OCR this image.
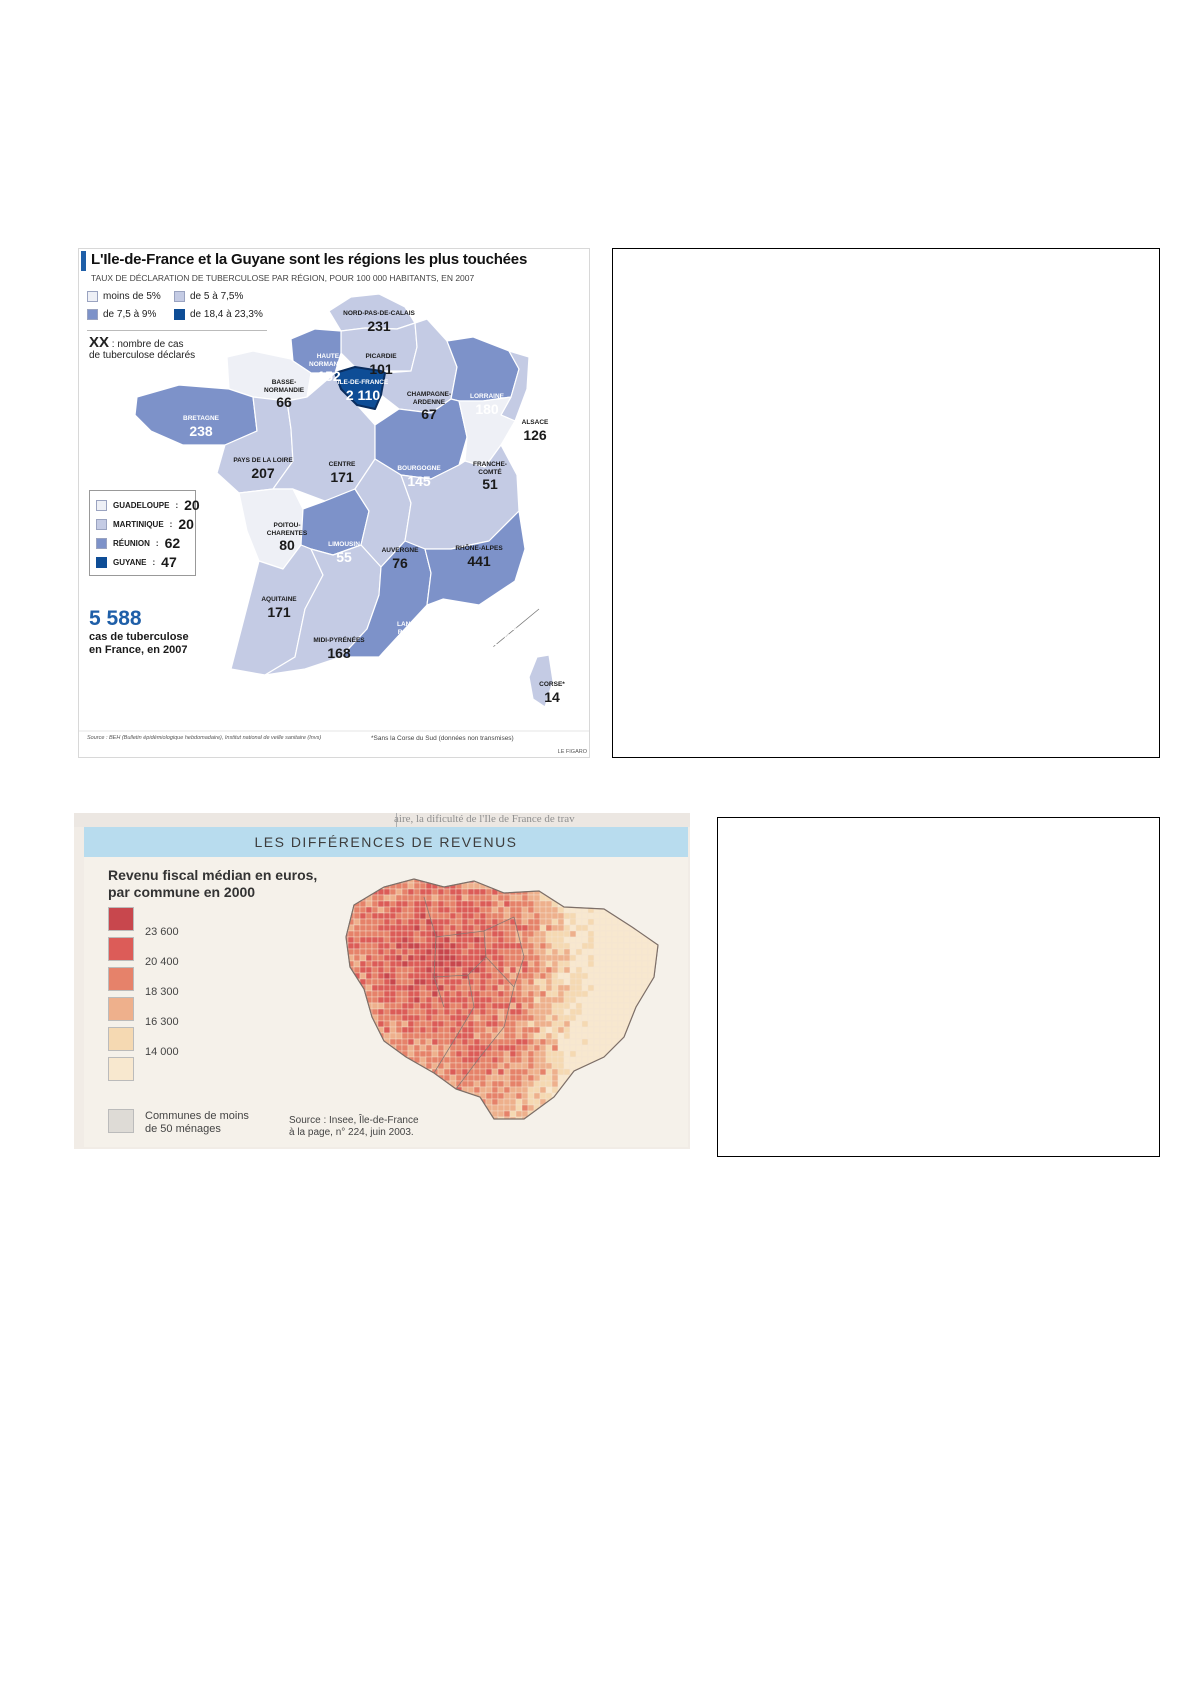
L'Ile-de-France et la Guyane sont les régions les plus touchées
TAUX DE DÉCLARATION DE TUBERCULOSE PAR RÉGION, POUR 100 000 HABITANTS, EN 2007
moins de 5%	de 5 à 7,5%
de 7,5 à 9%	de 18,4 à 23,3%
XX : nombre de cas
de tuberculose déclarés
NORD-PAS-DE-CALAIS
231
PICARDIE
101
HAUTE-NORMANDIE
152
BASSE-NORMANDIE
66
ILE-DE-FRANCE
2 110	CHAMPAGNE-ARDENNE
67
LORRAINE
180
ALSACE
126
BRETAGNE
238
PAYS DE LA LOIRE
207	CENTRE
171	BOURGOGNE
145
FRANCHE-COMTÉ
51
POITOU-CHARENTES
80	LIMOUSIN
55	AUVERGNE
76
RHÔNE-ALPES
441
AQUITAINE
171
MIDI-PYRÉNÉES
168
LANGUEDOC-ROUSSILLON
200
PROVENCE-ALPES-CÔTE D'AZUR
389
CORSE*
14
GUADELOUPE : 20
MARTINIQUE : 20
RÉUNION : 62
GUYANE : 47
5 588
cas de tuberculose
en France, en 2007
Source : BEH (Bulletin épidémiologique hebdomadaire), Institut national de veille sanitaire (Invs)	*Sans la Corse du Sud (données non transmises)
LE FIGARO
aire, la dificulté de l'Ile de France de trav
LES DIFFÉRENCES DE REVENUS
Revenu fiscal médian en euros,
par commune en 2000
23 600
20 400
18 300
16 300
14 000
Communes de moins
de 50 ménages
Source : Insee, Île-de-France
à la page, n° 224, juin 2003.
